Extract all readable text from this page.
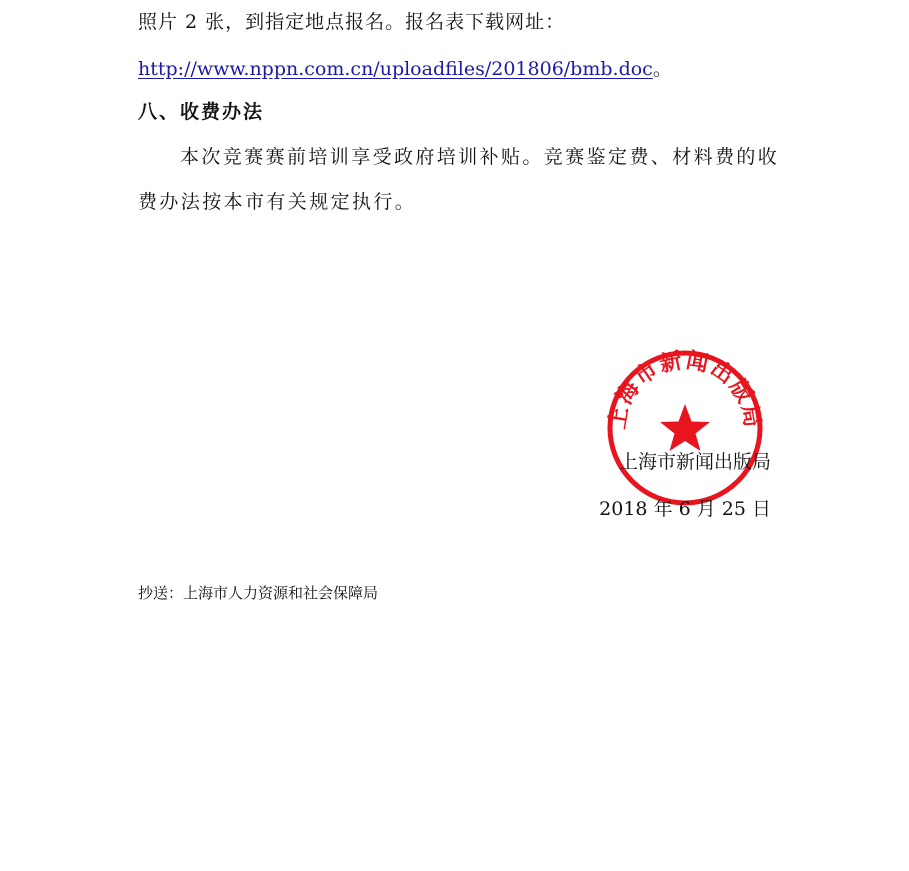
照片 2 张，到指定地点报名。报名表下载网址：
http://www.nppn.com.cn/uploadfiles/201806/bmb.doc。
八、收费办法
本次竞赛赛前培训享受政府培训补贴。竞赛鉴定费、材料费的收
费办法按本市有关规定执行。
上海市新闻出版局
上海市新闻出版局
2018 年 6 月 25 日
抄送：上海市人力资源和社会保障局
